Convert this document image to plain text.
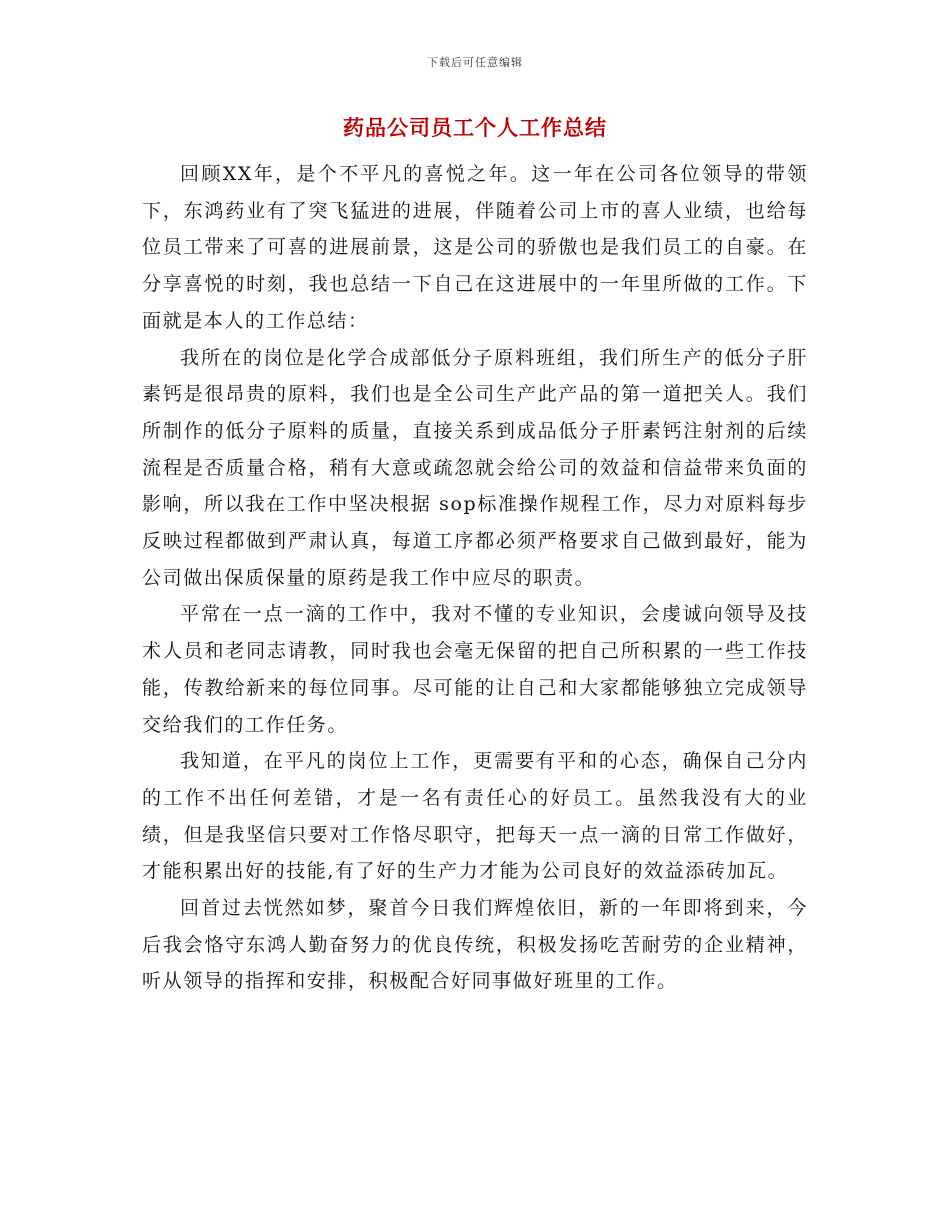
下载后可任意编辑
药品公司员工个人工作总结

回顾XX年，是个不平凡的喜悦之年。这一年在公司各位领导的带领下，东鸿药业有了突飞猛进的进展，伴随着公司上市的喜人业绩，也给每位员工带来了可喜的进展前景，这是公司的骄傲也是我们员工的自豪。在分享喜悦的时刻，我也总结一下自己在这进展中的一年里所做的工作。下面就是本人的工作总结：

我所在的岗位是化学合成部低分子原料班组，我们所生产的低分子肝素钙是很昂贵的原料，我们也是全公司生产此产品的第一道把关人。我们所制作的低分子原料的质量，直接关系到成品低分子肝素钙注射剂的后续流程是否质量合格，稍有大意或疏忽就会给公司的效益和信益带来负面的影响，所以我在工作中坚决根据 sop标准操作规程工作，尽力对原料每步反映过程都做到严肃认真，每道工序都必须严格要求自己做到最好，能为公司做出保质保量的原药是我工作中应尽的职责。

平常在一点一滴的工作中，我对不懂的专业知识，会虔诚向领导及技术人员和老同志请教，同时我也会毫无保留的把自己所积累的一些工作技能，传教给新来的每位同事。尽可能的让自己和大家都能够独立完成领导交给我们的工作任务。

我知道，在平凡的岗位上工作，更需要有平和的心态，确保自己分内的工作不出任何差错，才是一名有责任心的好员工。虽然我没有大的业绩，但是我坚信只要对工作恪尽职守，把每天一点一滴的日常工作做好，才能积累出好的技能,有了好的生产力才能为公司良好的效益添砖加瓦。

回首过去恍然如梦，聚首今日我们辉煌依旧，新的一年即将到来，今后我会恪守东鸿人勤奋努力的优良传统，积极发扬吃苦耐劳的企业精神，听从领导的指挥和安排，积极配合好同事做好班里的工作。
